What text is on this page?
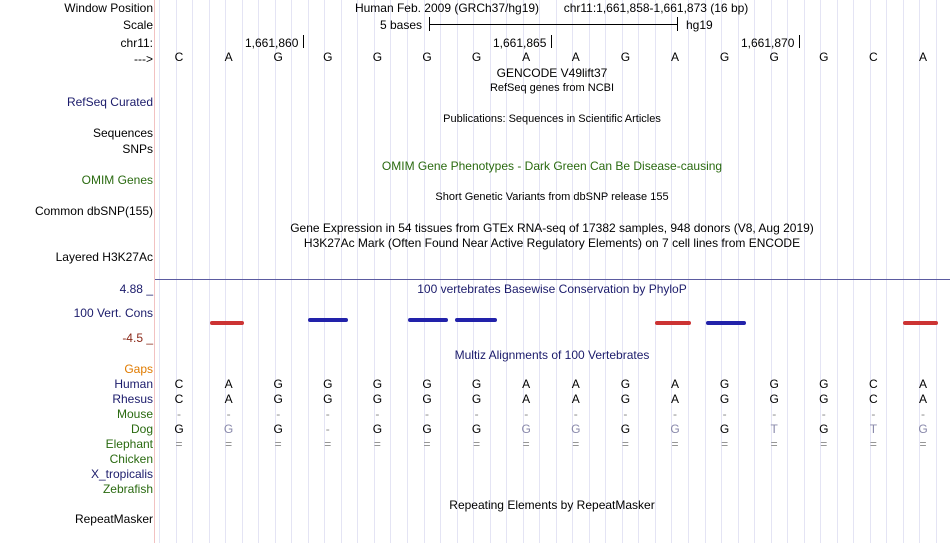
Window Position
Scale
chr11:
--->
Human Feb. 2009 (GRCh37/hg19) chr11:1,661,858-1,661,873 (16 bp)
5 bases	hg19
1,661,860	1,661,865	1,661,870
C	A	G	G	G	G	G	A	A	G	A	G	G	G	C	A
GENCODE V49lift37
RefSeq genes from NCBI
RefSeq Curated
Publications: Sequences in Scientific Articles
Sequences
SNPs
OMIM Gene Phenotypes - Dark Green Can Be Disease-causing
OMIM Genes
Short Genetic Variants from dbSNP release 155
Common dbSNP(155)
Gene Expression in 54 tissues from GTEx RNA-seq of 17382 samples, 948 donors (V8, Aug 2019)
H3K27Ac Mark (Often Found Near Active Regulatory Elements) on 7 cell lines from ENCODE
Layered H3K27Ac
4.88 _	100 vertebrates Basewise Conservation by PhyloP
100 Vert. Cons
-4.5 _
Multiz Alignments of 100 Vertebrates
Gaps
Human	C	A	G	G	G	G	G	A	A	G	A	G	G	G	C	A
Rhesus	C	A	G	G	G	G	G	A	A	G	A	G	G	G	C	A
Mouse	-	-	-	-	-	-	-	-	-	-	-	-	-	-	-	-
Dog	G	G	G	-	G	G	G	G	G	G	G	G	T	G	T	G
Elephant	=	=	=	=	=	=	=	=	=	=	=	=	=	=	=	=
Chicken
X_tropicalis
Zebrafish
Repeating Elements by RepeatMasker
RepeatMasker
